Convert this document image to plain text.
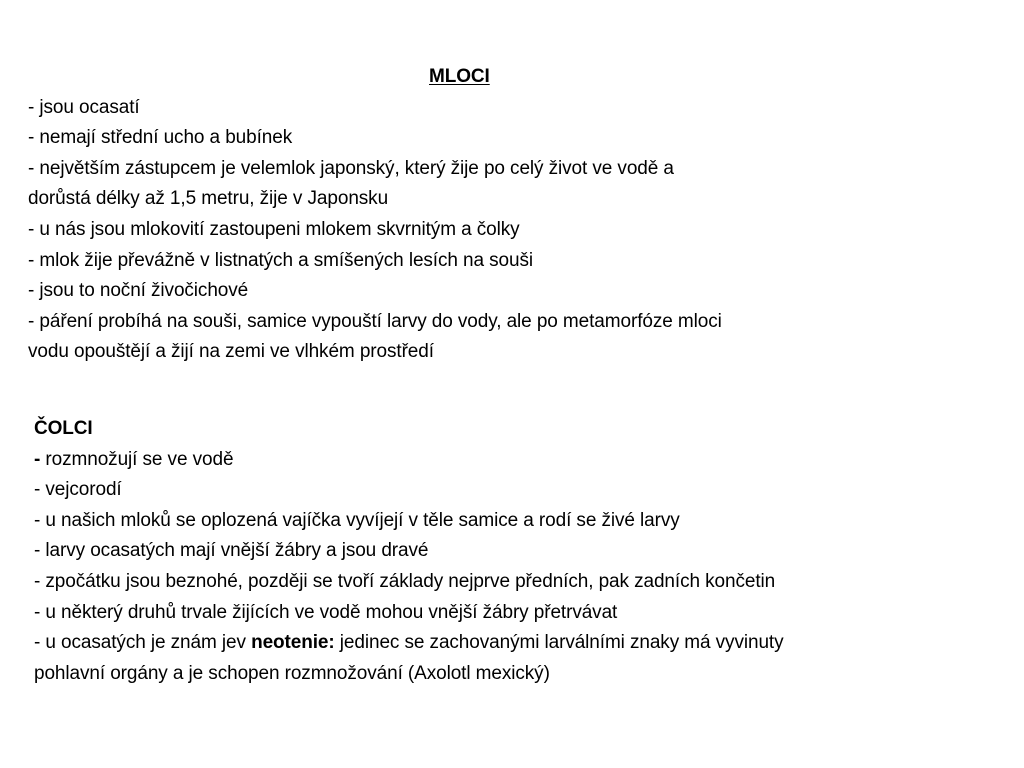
MLOCI
- jsou ocasatí
- nemají střední ucho a bubínek
- největším zástupcem je velemlok japonský, který žije po celý život ve vodě a
dorůstá délky až 1,5 metru, žije v Japonsku
- u nás jsou mlokovití zastoupeni mlokem skvrnitým a čolky
- mlok žije převážně v listnatých a smíšených lesích na souši
- jsou to noční živočichové
- páření probíhá na souši, samice vypouští larvy do vody, ale po metamorfóze mloci
vodu opouštějí a žijí na zemi ve vlhkém prostředí
ČOLCI
- rozmnožují se ve vodě
- vejcorodí
- u našich mloků se oplozená vajíčka vyvíjejí v těle samice a rodí se živé larvy
- larvy ocasatých mají vnější žábry a jsou dravé
- zpočátku jsou beznohé, později se tvoří základy nejprve předních, pak zadních končetin
- u některý druhů trvale žijících ve vodě mohou vnější žábry přetrvávat
- u ocasatých je znám jev neotenie: jedinec se zachovanými larválními znaky má vyvinuty
pohlavní orgány a je schopen rozmnožování (Axolotl mexický)
